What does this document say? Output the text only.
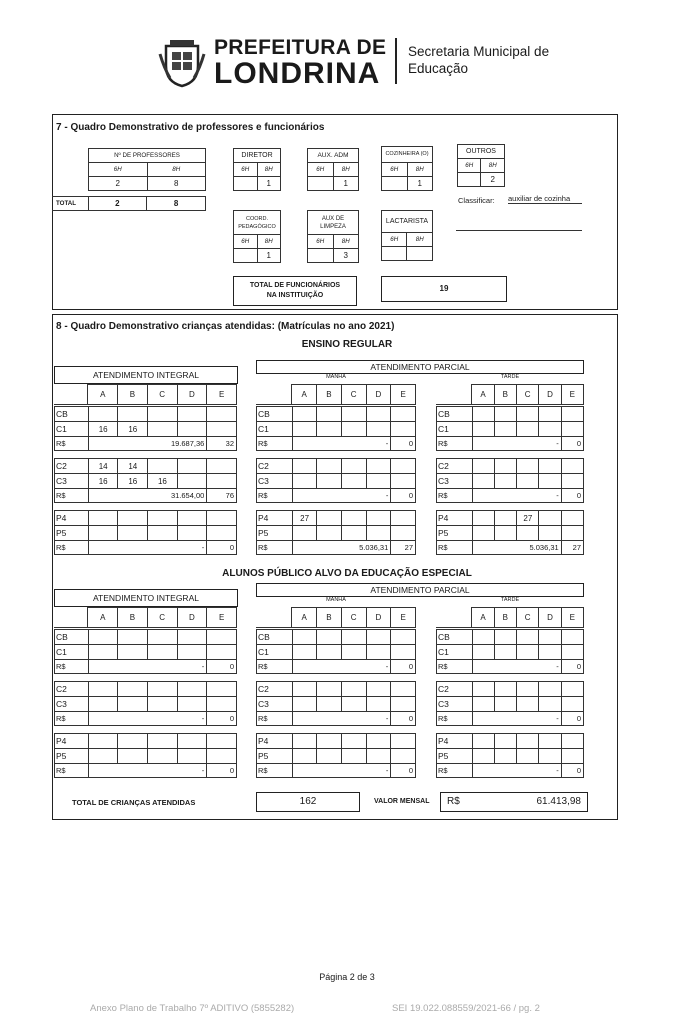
PREFEITURA DE
LONDRINA
Secretaria Municipal de
Educação
7 - Quadro Demonstrativo de professores e funcionários
Nº DE PROFESSORES	
6H	8H
2	8
TOTAL	2	8
DIRETOR	
6H	8H
	1
AUX. ADM	
6H	8H
	1
COZINHEIRA (O)	
6H	8H
	1
OUTROS	
6H	8H
	2
Classificar: auxiliar de cozinha
COORD.
PEDAGÓGICO	
6H	8H
	1
AUX DE
LIMPEZA	
6H	8H
	3
LACTARISTA	
6H	8H

TOTAL DE FUNCIONÁRIOS
NA INSTITUIÇÃO
19
8 - Quadro Demonstrativo crianças atendidas: (Matrículas no ano 2021)
ENSINO REGULAR
ALUNOS PÚBLICO ALVO DA EDUCAÇÃO ESPECIAL
ATENDIMENTO INTEGRAL
ATENDIMENTO PARCIAL
MANHÃ	TARDE
	A	B	C	D	E
CB					
C1	16	16			
R$	19.687,36				32
C2	14	14			
C3	16	16	16		
R$	31.654,00				76
P4					
P5					
R$	-				0
	A	B	C	D	E
CB					
C1					
R$	-				0
C2					
C3					
R$	-				0
P4	27				
P5					
R$	5.036,31				27
	A	B	C	D	E
CB					
C1					
R$	-				0
C2					
C3					
R$	-				0
P4			27		
P5					
R$	5.036,31				27
ATENDIMENTO INTEGRAL
ATENDIMENTO PARCIAL
MANHÃ	TARDE
	A	B	C	D	E
CB					
C1					
R$	-				0
C2					
C3					
R$	-				0
P4					
P5					
R$	-				0
	A	B	C	D	E
CB					
C1					
R$	-				0
C2					
C3					
R$	-				0
P4					
P5					
R$	-				0
	A	B	C	D	E
CB					
C1					
R$	-				0
C2					
C3					
R$	-				0
P4					
P5					
R$	-				0
TOTAL DE CRIANÇAS ATENDIDAS	162	VALOR MENSAL R$	61.413,98
Página 2 de 3
Anexo Plano de Trabalho 7º ADITIVO (5855282)	SEI 19.022.088559/2021-66 / pg. 2
